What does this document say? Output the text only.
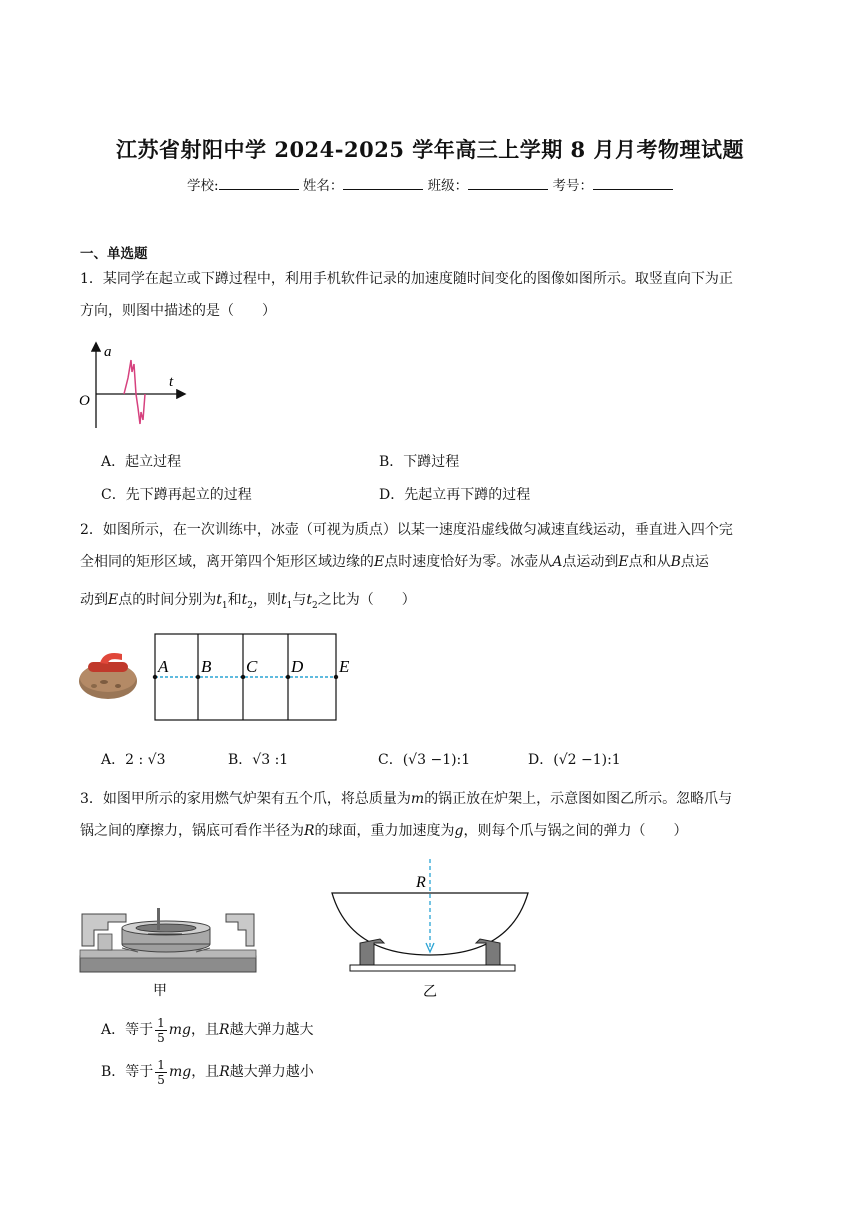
江苏省射阳中学 2024-2025 学年高三上学期 8 月月考物理试题
学校:	姓名：	班级：	考号：
一、单选题
1．某同学在起立或下蹲过程中，利用手机软件记录的加速度随时间变化的图像如图所示。取竖直向下为正
方向，则图中描述的是（　　）
a
t
O
A．起立过程	B．下蹲过程
C．先下蹲再起立的过程	D．先起立再下蹲的过程
2．如图所示，在一次训练中，冰壶（可视为质点）以某一速度沿虚线做匀减速直线运动，垂直进入四个完
全相同的矩形区域，离开第四个矩形区域边缘的E点时速度恰好为零。冰壶从A点运动到E点和从B点运
动到E点的时间分别为$t_1$和$t_2$，则$t_1$与$t_2$之比为（　　）
A B C D E
A．2 : √3	B．√3 :1	C．(√3 −1):1	D．(√2 −1):1
3．如图甲所示的家用燃气炉架有五个爪，将总质量为m的锅正放在炉架上，示意图如图乙所示。忽略爪与
锅之间的摩擦力，锅底可看作半径为R的球面，重力加速度为g，则每个爪与锅之间的弹力（　　）
甲
R
乙
A．等于 $\frac{1}{5}$ mg，且R越大弹力越大
B．等于 $\frac{1}{5}$ mg，且R越大弹力越小
